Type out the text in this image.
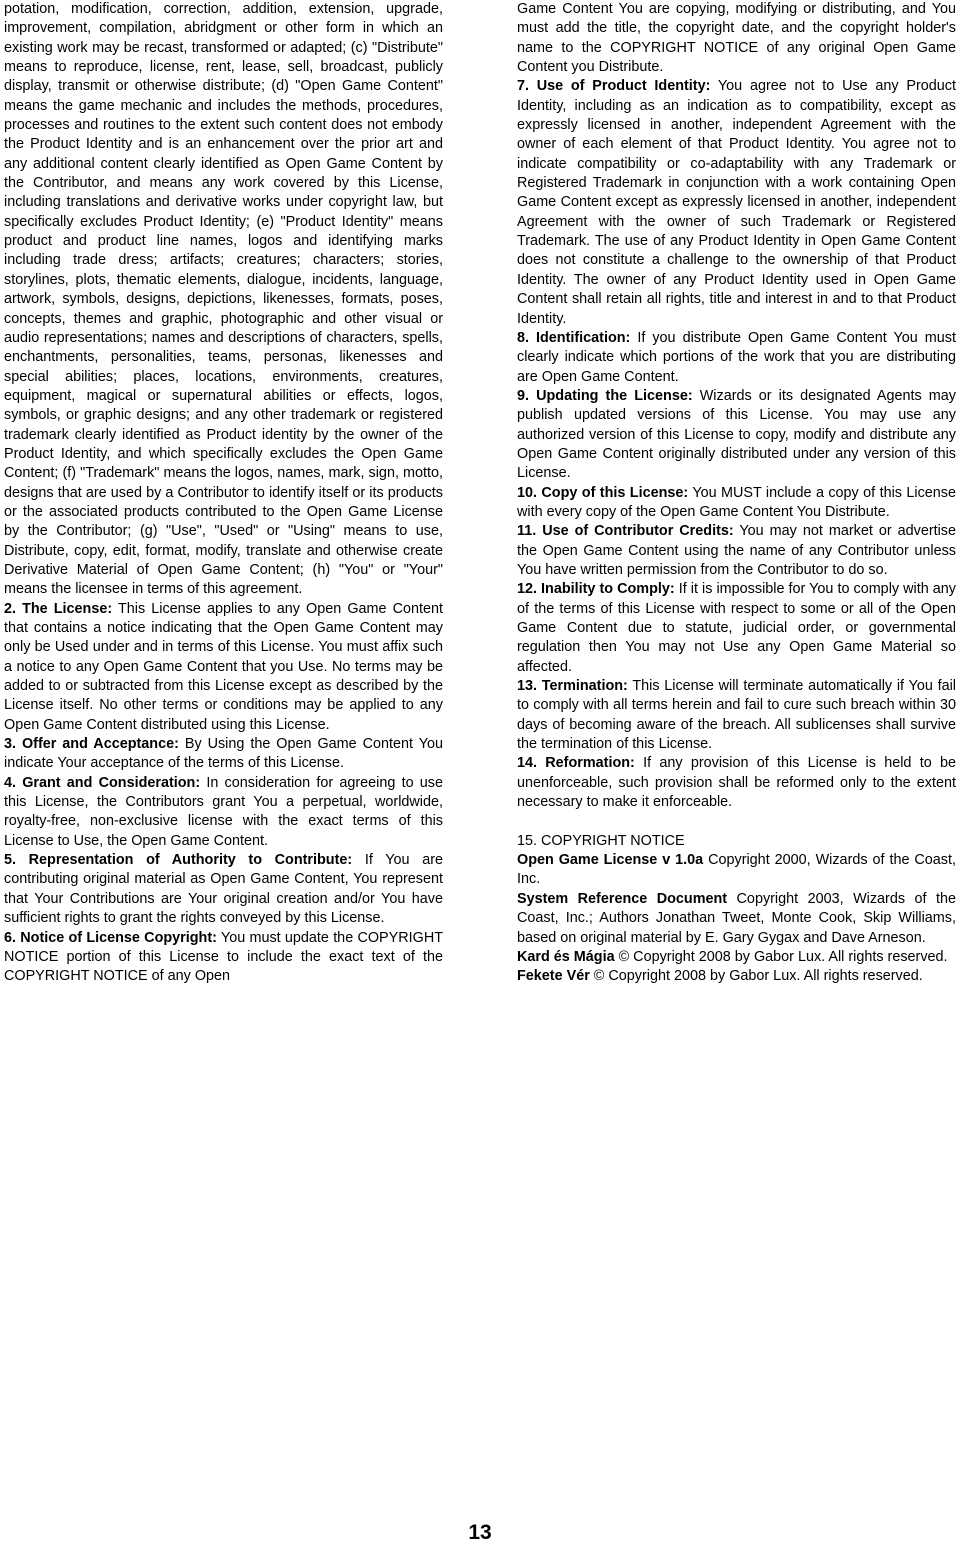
potation, modification, correction, addition, extension, upgrade, improvement, compilation, abridgment or other form in which an existing work may be recast, transformed or adapted; (c) "Distribute" means to reproduce, license, rent, lease, sell, broadcast, publicly display, transmit or otherwise distribute; (d) "Open Game Content" means the game mechanic and includes the methods, procedures, processes and routines to the extent such content does not embody the Product Identity and is an enhancement over the prior art and any additional content clearly identified as Open Game Content by the Contributor, and means any work covered by this License, including translations and derivative works under copyright law, but specifically excludes Product Identity; (e) "Product Identity" means product and product line names, logos and identifying marks including trade dress; artifacts; creatures; characters; stories, storylines, plots, thematic elements, dialogue, incidents, language, artwork, symbols, designs, depictions, likenesses, formats, poses, concepts, themes and graphic, photographic and other visual or audio representations; names and descriptions of characters, spells, enchantments, personalities, teams, personas, likenesses and special abilities; places, locations, environments, creatures, equipment, magical or supernatural abilities or effects, logos, symbols, or graphic designs; and any other trademark or registered trademark clearly identified as Product identity by the owner of the Product Identity, and which specifically excludes the Open Game Content; (f) "Trademark" means the logos, names, mark, sign, motto, designs that are used by a Contributor to identify itself or its products or the associated products contributed to the Open Game License by the Contributor; (g) "Use", "Used" or "Using" means to use, Distribute, copy, edit, format, modify, translate and otherwise create Derivative Material of Open Game Content; (h) "You" or "Your" means the licensee in terms of this agreement.

2. The License: This License applies to any Open Game Content that contains a notice indicating that the Open Game Content may only be Used under and in terms of this License. You must affix such a notice to any Open Game Content that you Use. No terms may be added to or subtracted from this License except as described by the License itself. No other terms or conditions may be applied to any Open Game Content distributed using this License.

3. Offer and Acceptance: By Using the Open Game Content You indicate Your acceptance of the terms of this License.

4. Grant and Consideration: In consideration for agreeing to use this License, the Contributors grant You a perpetual, worldwide, royalty-free, non-exclusive license with the exact terms of this License to Use, the Open Game Content.

5. Representation of Authority to Contribute: If You are contributing original material as Open Game Content, You represent that Your Contributions are Your original creation and/or You have sufficient rights to grant the rights conveyed by this License.

6. Notice of License Copyright: You must update the COPYRIGHT NOTICE portion of this License to include the exact text of the COPYRIGHT NOTICE of any Open

Game Content You are copying, modifying or distributing, and You must add the title, the copyright date, and the copyright holder's name to the COPYRIGHT NOTICE of any original Open Game Content you Distribute.

7. Use of Product Identity: You agree not to Use any Product Identity, including as an indication as to compatibility, except as expressly licensed in another, independent Agreement with the owner of each element of that Product Identity. You agree not to indicate compatibility or co-adaptability with any Trademark or Registered Trademark in conjunction with a work containing Open Game Content except as expressly licensed in another, independent Agreement with the owner of such Trademark or Registered Trademark. The use of any Product Identity in Open Game Content does not constitute a challenge to the ownership of that Product Identity. The owner of any Product Identity used in Open Game Content shall retain all rights, title and interest in and to that Product Identity.

8. Identification: If you distribute Open Game Content You must clearly indicate which portions of the work that you are distributing are Open Game Content.

9. Updating the License: Wizards or its designated Agents may publish updated versions of this License. You may use any authorized version of this License to copy, modify and distribute any Open Game Content originally distributed under any version of this License.

10. Copy of this License: You MUST include a copy of this License with every copy of the Open Game Content You Distribute.

11. Use of Contributor Credits: You may not market or advertise the Open Game Content using the name of any Contributor unless You have written permission from the Contributor to do so.

12. Inability to Comply: If it is impossible for You to comply with any of the terms of this License with respect to some or all of the Open Game Content due to statute, judicial order, or governmental regulation then You may not Use any Open Game Material so affected.

13. Termination: This License will terminate automatically if You fail to comply with all terms herein and fail to cure such breach within 30 days of becoming aware of the breach. All sublicenses shall survive the termination of this License.

14. Reformation: If any provision of this License is held to be unenforceable, such provision shall be reformed only to the extent necessary to make it enforceable.

15. COPYRIGHT NOTICE

Open Game License v 1.0a Copyright 2000, Wizards of the Coast, Inc.

System Reference Document Copyright 2003, Wizards of the Coast, Inc.; Authors Jonathan Tweet, Monte Cook, Skip Williams, based on original material by E. Gary Gygax and Dave Arneson.

Kard és Mágia © Copyright 2008 by Gabor Lux. All rights reserved.

Fekete Vér © Copyright 2008 by Gabor Lux. All rights reserved.

13
